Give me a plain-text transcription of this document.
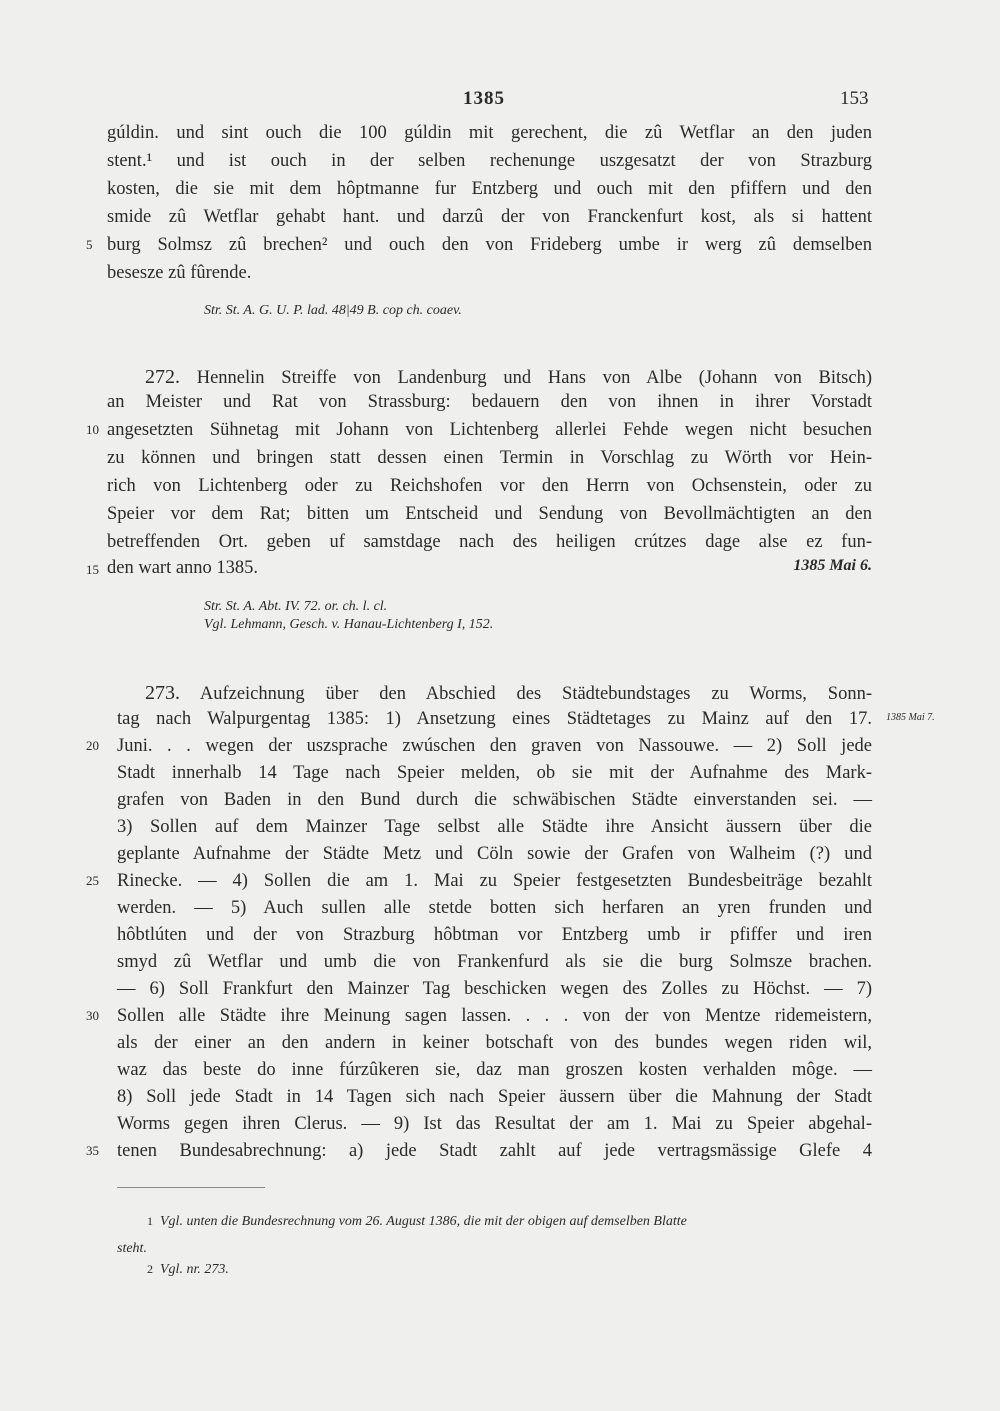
1385	153
gúldin. und sint ouch die 100 gúldin mit gerechent, die zû Wetflar an den juden
stent.¹ und ist ouch in der selben rechenunge uszgesatzt der von Strazburg
kosten, die sie mit dem hôptmanne fur Entzberg und ouch mit den pfiffern und den
smide zû Wetflar gehabt hant. und darzû der von Franckenfurt kost, als si hattent
5 burg Solmsz zû brechen² und ouch den von Frideberg umbe ir werg zû demselben
besesze zû fûrende.
Str. St. A. G. U. P. lad. 48|49 B. cop ch. coaev.
272. Hennelin Streiffe von Landenburg und Hans von Albe (Johann von Bitsch)
an Meister und Rat von Strassburg: bedauern den von ihnen in ihrer Vorstadt
10 angesetzten Sühnetag mit Johann von Lichtenberg allerlei Fehde wegen nicht besuchen
zu können und bringen statt dessen einen Termin in Vorschlag zu Wörth vor Hein-
rich von Lichtenberg oder zu Reichshofen vor den Herrn von Ochsenstein, oder zu
Speier vor dem Rat; bitten um Entscheid und Sendung von Bevollmächtigten an den
betreffenden Ort. geben uf samstdage nach des heiligen crútzes dage alse ez fun-
15 den wart anno 1385.	1385 Mai 6.
Str. St. A. Abt. IV. 72. or. ch. l. cl.
Vgl. Lehmann, Gesch. v. Hanau-Lichtenberg I, 152.
273. Aufzeichnung über den Abschied des Städtebundstages zu Worms, Sonn-
tag nach Walpurgentag 1385: 1) Ansetzung eines Städtetages zu Mainz auf den 17. 1385 Mai 7.
20 Juni. . . wegen der uszsprache zwúschen den graven von Nassouwe. — 2) Soll jede
Stadt innerhalb 14 Tage nach Speier melden, ob sie mit der Aufnahme des Mark-
grafen von Baden in den Bund durch die schwäbischen Städte einverstanden sei. —
3) Sollen auf dem Mainzer Tage selbst alle Städte ihre Ansicht äussern über die
geplante Aufnahme der Städte Metz und Cöln sowie der Grafen von Walheim (?) und
25 Rinecke. — 4) Sollen die am 1. Mai zu Speier festgesetzten Bundesbeiträge bezahlt
werden. — 5) Auch sullen alle stetde botten sich herfaren an yren frunden und
hôbtlúten und der von Strazburg hôbtman vor Entzberg umb ir pfiffer und iren
smyd zû Wetflar und umb die von Frankenfurd als sie die burg Solmsze brachen.
— 6) Soll Frankfurt den Mainzer Tag beschicken wegen des Zolles zu Höchst. — 7)
30 Sollen alle Städte ihre Meinung sagen lassen. . . . von der von Mentze ridemeistern,
als der einer an den andern in keiner botschaft von des bundes wegen riden wil,
waz das beste do inne fúrzûkeren sie, daz man groszen kosten verhalden môge. —
8) Soll jede Stadt in 14 Tagen sich nach Speier äussern über die Mahnung der Stadt
Worms gegen ihren Clerus. — 9) Ist das Resultat der am 1. Mai zu Speier abgehal-
35 tenen Bundesabrechnung: a) jede Stadt zahlt auf jede vertragsmässige Glefe 4
1 Vgl. unten die Bundesrechnung vom 26. August 1386, die mit der obigen auf demselben Blatte
steht.
2 Vgl. nr. 273.
